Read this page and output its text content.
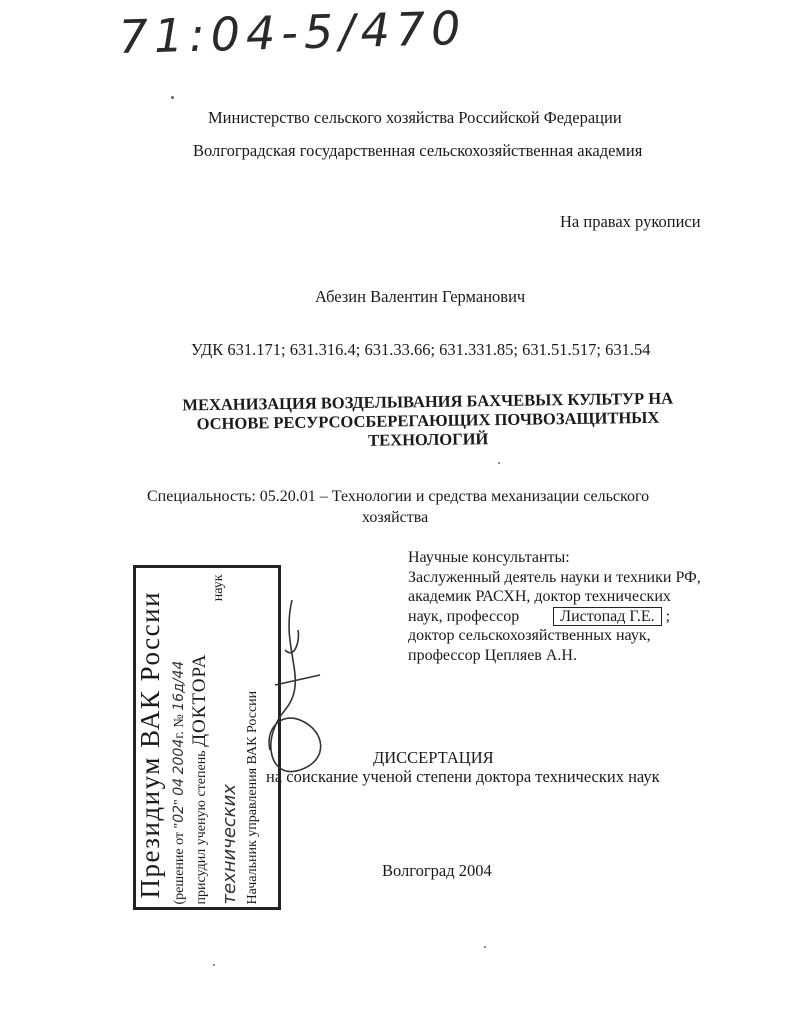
71:04-5/470
Министерство сельского хозяйства Российской Федерации
Волгоградская государственная сельскохозяйственная академия
На правах рукописи
Абезин Валентин Германович
УДК 631.171; 631.316.4; 631.33.66; 631.331.85; 631.51.517; 631.54
МЕХАНИЗАЦИЯ ВОЗДЕЛЫВАНИЯ БАХЧЕВЫХ КУЛЬТУР НА
ОСНОВЕ РЕСУРСОСБЕРЕГАЮЩИХ ПОЧВОЗАЩИТНЫХ
ТЕХНОЛОГИЙ
Специальность: 05.20.01 – Технологии и средства механизации сельского
хозяйства
Научные консультанты:
Заслуженный деятель науки и техники РФ,
академик РАСХН, доктор технических
наук, профессор	Листопад Г.Е. ;
доктор сельскохозяйственных наук,
профессор Цепляев А.Н.
ДИССЕРТАЦИЯ
на соискание ученой степени доктора технических наук
Волгоград 2004
Президиум ВАК России (решение от "02" 04 2004г. № 16д/44
присудил ученую степень ДОКТОРА
технических
наук
Начальник управления ВАК России
